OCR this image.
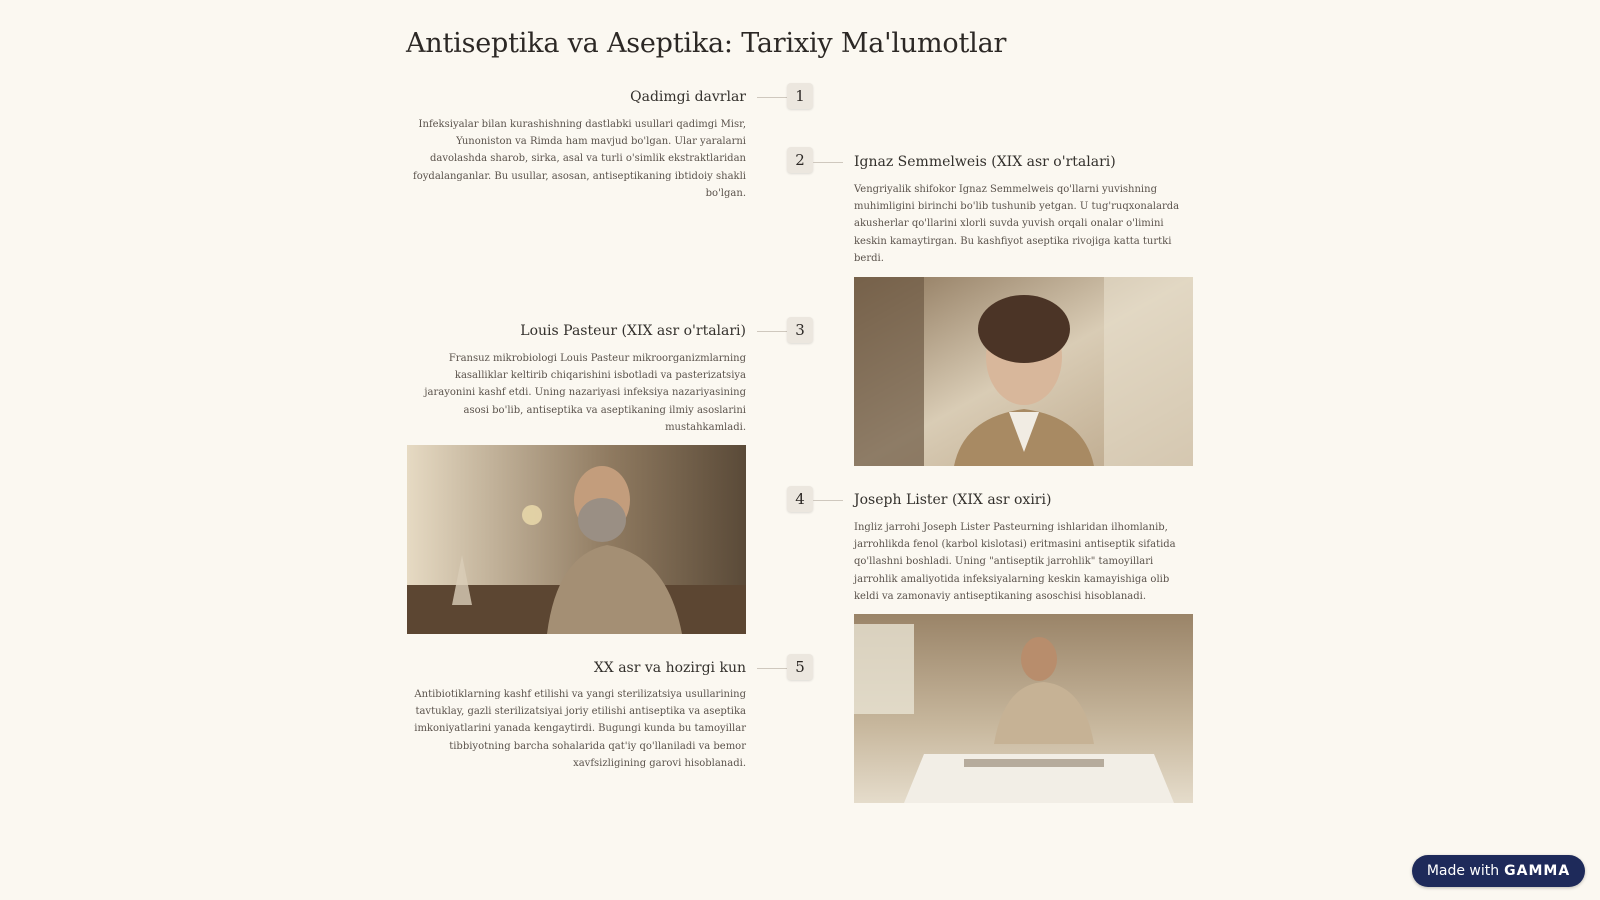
Antiseptika va Aseptika: Tarixiy Ma'lumotlar
Qadimgi davrlar
Infeksiyalar bilan kurashishning dastlabki usullari qadimgi Misr, Yunoniston va Rimda ham mavjud bo'lgan. Ular yaralarni davolashda sharob, sirka, asal va turli o'simlik ekstraktlaridan foydalanganlar. Bu usullar, asosan, antiseptikaning ibtidoiy shakli bo'lgan.
1
2	Ignaz Semmelweis (XIX asr o'rtalari)
Vengriyalik shifokor Ignaz Semmelweis qo'llarni yuvishning muhimligini birinchi bo'lib tushunib yetgan. U tug'ruqxonalarda akusherlar qo'llarini xlorli suvda yuvish orqali onalar o'limini keskin kamaytirgan. Bu kashfiyot aseptika rivojiga katta turtki berdi.
Louis Pasteur (XIX asr o'rtalari)
Fransuz mikrobiologi Louis Pasteur mikroorganizmlarning kasalliklar keltirib chiqarishini isbotladi va pasterizatsiya jarayonini kashf etdi. Uning nazariyasi infeksiya nazariyasining asosi bo'lib, antiseptika va aseptikaning ilmiy asoslarini mustahkamladi.
3
4	Joseph Lister (XIX asr oxiri)
Ingliz jarrohi Joseph Lister Pasteurning ishlaridan ilhomlanib, jarrohlikda fenol (karbol kislotasi) eritmasini antiseptik sifatida qo'llashni boshladi. Uning "antiseptik jarrohlik" tamoyillari jarrohlik amaliyotida infeksiyalarning keskin kamayishiga olib keldi va zamonaviy antiseptikaning asoschisi hisoblanadi.
XX asr va hozirgi kun
Antibiotiklarning kashf etilishi va yangi sterilizatsiya usullarining tavtuklay, gazli sterilizatsiyai joriy etilishi antiseptika va aseptika imkoniyatlarini yanada kengaytirdi. Bugungi kunda bu tamoyillar tibbiyotning barcha sohalarida qat'iy qo'llaniladi va bemor xavfsizligining garovi hisoblanadi.
5
Made with GAMMA
